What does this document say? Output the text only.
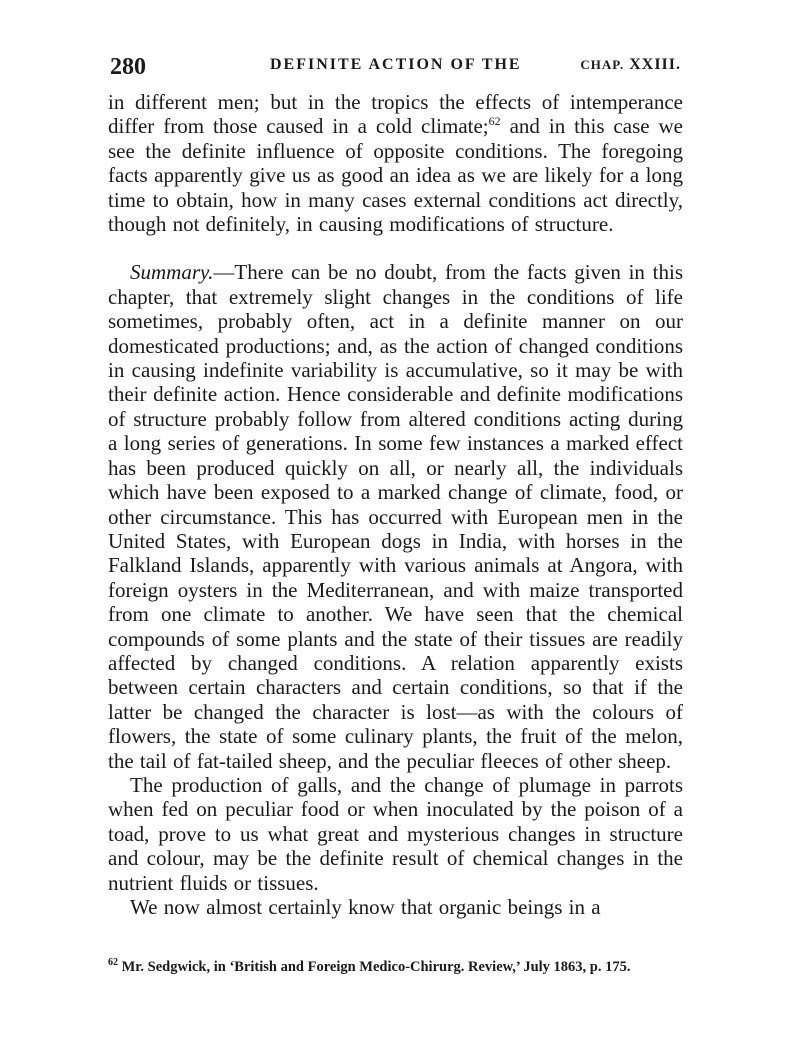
280	DEFINITE ACTION OF THE	CHAP. XXIII.

in different men; but in the tropics the effects of intemperance differ from those caused in a cold climate;$^{62}$ and in this case we see the definite influence of opposite conditions. The foregoing facts apparently give us as good an idea as we are likely for a long time to obtain, how in many cases external conditions act directly, though not definitely, in causing modifications of structure.

Summary.—There can be no doubt, from the facts given in this chapter, that extremely slight changes in the conditions of life sometimes, probably often, act in a definite manner on our domesticated productions; and, as the action of changed conditions in causing indefinite variability is accumulative, so it may be with their definite action. Hence considerable and definite modifications of structure probably follow from altered conditions acting during a long series of generations. In some few instances a marked effect has been produced quickly on all, or nearly all, the individuals which have been exposed to a marked change of climate, food, or other circumstance. This has occurred with European men in the United States, with European dogs in India, with horses in the Falkland Islands, apparently with various animals at Angora, with foreign oysters in the Mediterranean, and with maize transported from one climate to another. We have seen that the chemical compounds of some plants and the state of their tissues are readily affected by changed conditions. A relation apparently exists between certain characters and certain conditions, so that if the latter be changed the character is lost—as with the colours of flowers, the state of some culinary plants, the fruit of the melon, the tail of fat-tailed sheep, and the peculiar fleeces of other sheep.

The production of galls, and the change of plumage in parrots when fed on peculiar food or when inoculated by the poison of a toad, prove to us what great and mysterious changes in structure and colour, may be the definite result of chemical changes in the nutrient fluids or tissues.

We now almost certainly know that organic beings in a

$^{62}$ Mr. Sedgwick, in ‘British and Foreign Medico-Chirurg. Review,’ July 1863, p. 175.
